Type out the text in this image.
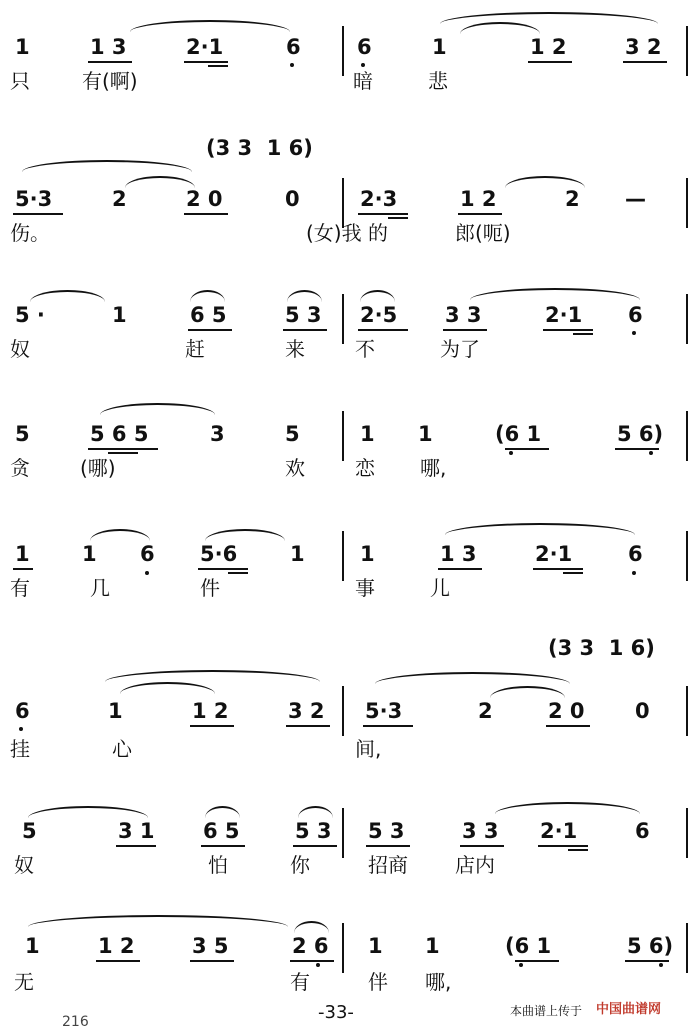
1	1 3	2·1	6	6	1	1 2	3 2
只	有(啊)	暗	悲
(3 3  1 6)
5·3	2	2 0	0	2·3	1 2	2 —
伤。	(女)我 的	郎(呃)
5 ·	1	6 5	5 3 2·5 3 3	2·1 6
奴	赶	来	不	为了
5	5 6 5	3	5	1 1	(6 1	5 6)
贪	(哪)	欢	恋 哪,
1 1 6 5·6	1	1	1 3	2·1	6
有	几	件	事	儿
(3 3  1 6)
6	1	1 2	3 2 5·3	2	2 0 0
挂	心	间,
5	3 1 6 5	5 3 5 3	3 3 2·1	6
奴	怕	你	招商 店内
1	1 2	3 5	2 6 1 1	(6 1	5 6)
无	有	伴 哪,
216	-33-	本曲谱上传于 中国曲谱网
